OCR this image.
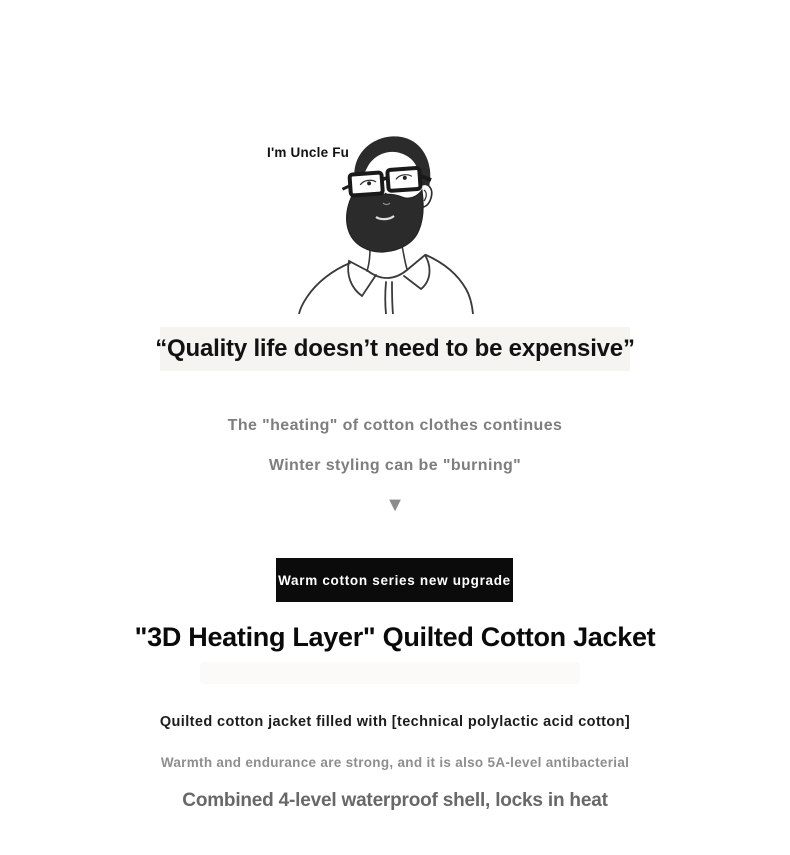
I'm Uncle Fu
“Quality life doesn’t need to be expensive”
The "heating" of cotton clothes continues
Winter styling can be "burning"
▼
Warm cotton series new upgrade
"3D Heating Layer" Quilted Cotton Jacket
Quilted cotton jacket filled with [technical polylactic acid cotton]
Warmth and endurance are strong, and it is also 5A-level antibacterial
Combined 4-level waterproof shell, locks in heat
